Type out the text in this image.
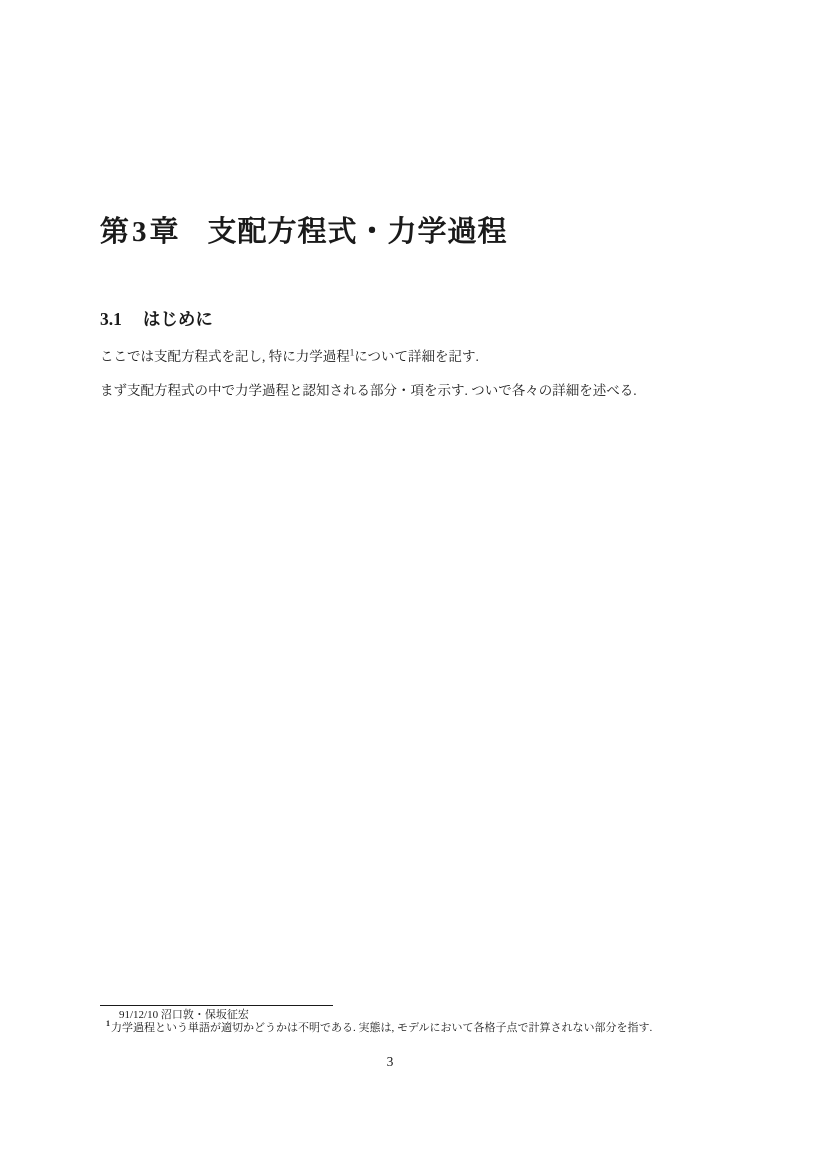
第3章 支配方程式・力学過程
3.1 はじめに

ここでは支配方程式を記し, 特に力学過程$^1$について詳細を記す.

まず支配方程式の中で力学過程と認知される部分・項を示す. ついで各々の詳細を述べる.

91/12/10 沼口敦・保坂征宏
$^1$力学過程という単語が適切かどうかは不明である. 実態は, モデルにおいて各格子点で計算されない部分を指す.
3
